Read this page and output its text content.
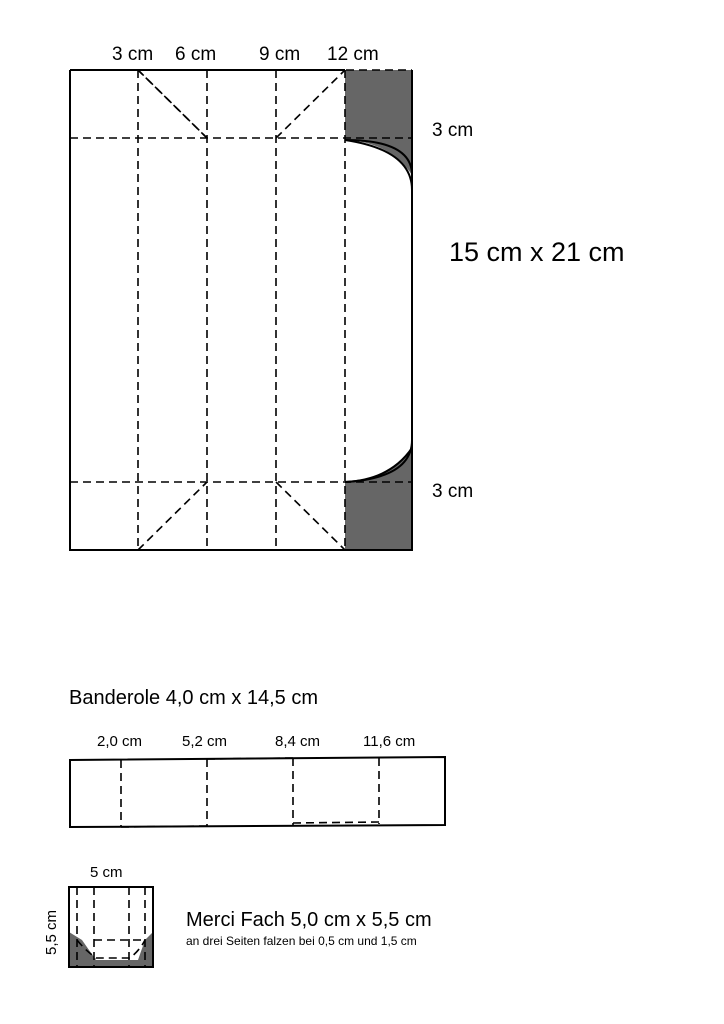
3 cm 6 cm 9 cm 12 cm
3 cm
3 cm
15 cm x 21 cm
Banderole 4,0 cm x 14,5 cm
2,0 cm	5,2 cm	8,4 cm	11,6 cm
5 cm
5,5 cm	Merci Fach 5,0 cm x 5,5 cm
an drei Seiten falzen bei 0,5 cm und 1,5 cm
